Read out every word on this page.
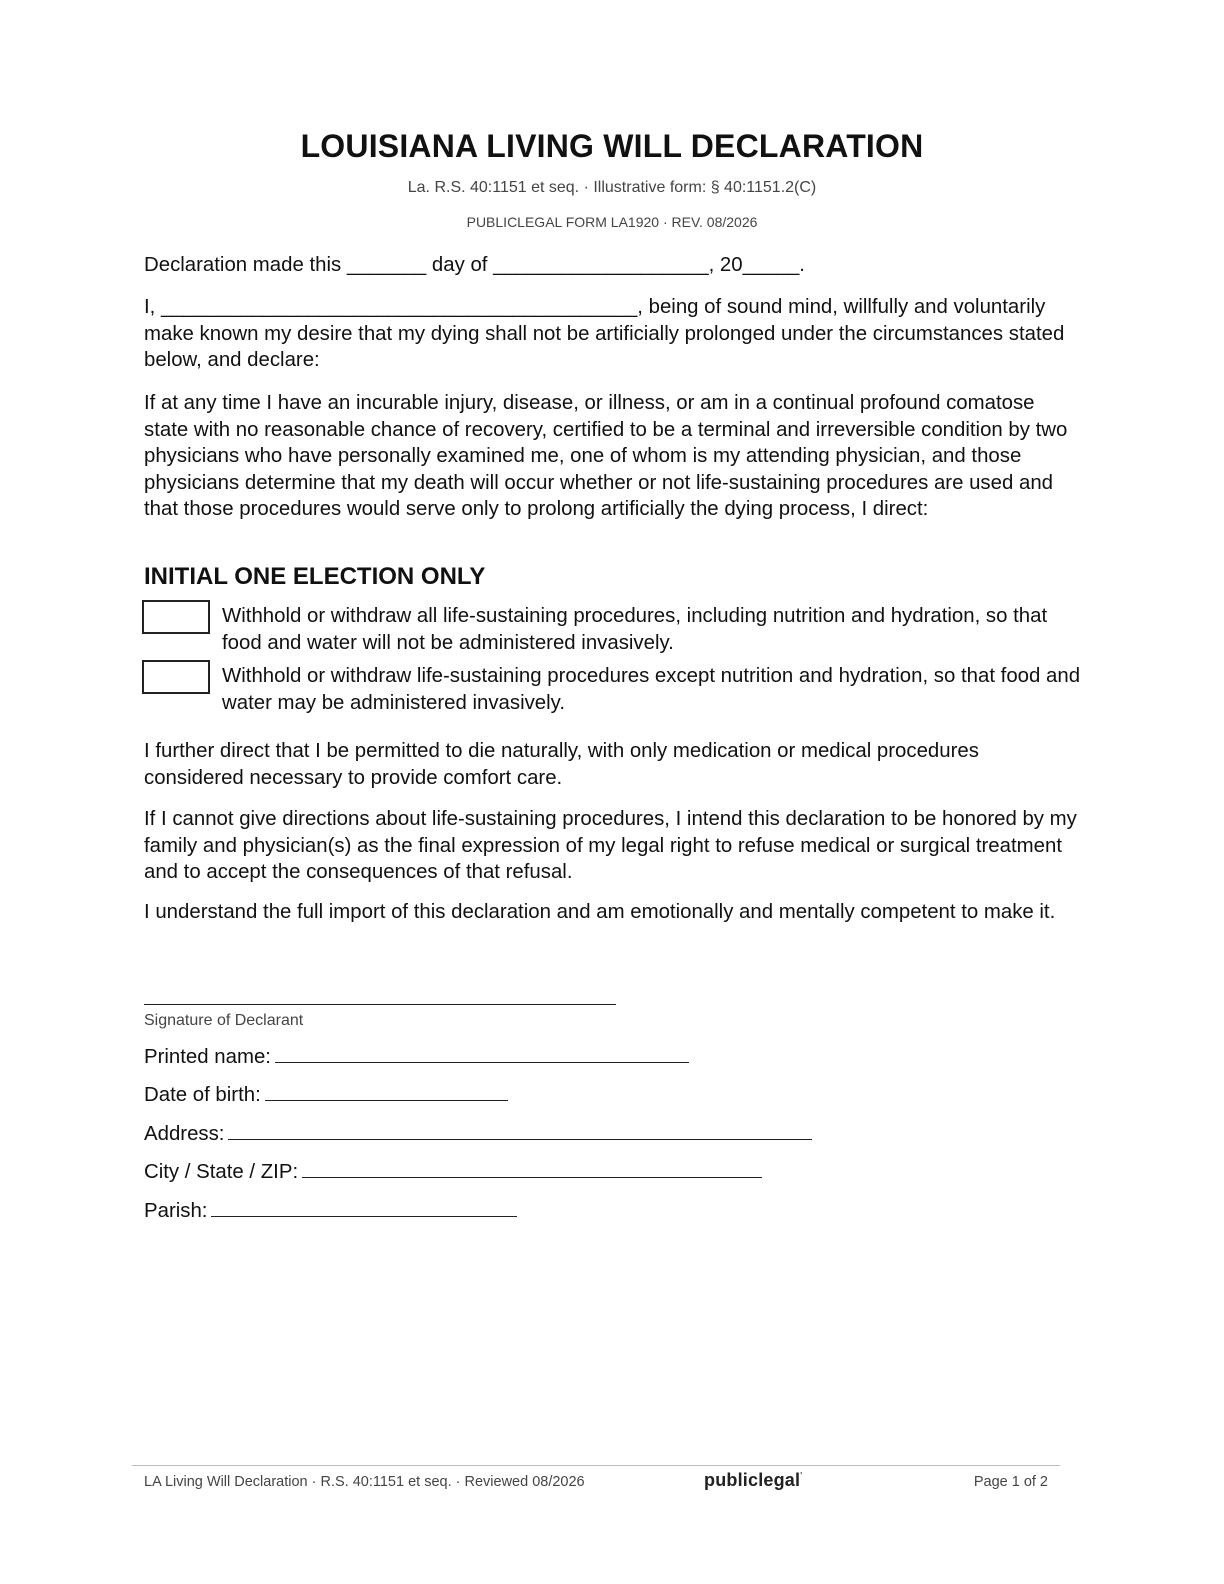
LOUISIANA LIVING WILL DECLARATION
La. R.S. 40:1151 et seq. · Illustrative form: § 40:1151.2(C)
PUBLICLEGAL FORM LA1920 · REV. 08/2026
Declaration made this _______ day of ___________________, 20_____.
I, __________________________________________, being of sound mind, willfully and voluntarily make known my desire that my dying shall not be artificially prolonged under the circumstances stated below, and declare:
If at any time I have an incurable injury, disease, or illness, or am in a continual profound comatose state with no reasonable chance of recovery, certified to be a terminal and irreversible condition by two physicians who have personally examined me, one of whom is my attending physician, and those physicians determine that my death will occur whether or not life-sustaining procedures are used and that those procedures would serve only to prolong artificially the dying process, I direct:
INITIAL ONE ELECTION ONLY
Withhold or withdraw all life-sustaining procedures, including nutrition and hydration, so that food and water will not be administered invasively.
Withhold or withdraw life-sustaining procedures except nutrition and hydration, so that food and water may be administered invasively.
I further direct that I be permitted to die naturally, with only medication or medical procedures considered necessary to provide comfort care.
If I cannot give directions about life-sustaining procedures, I intend this declaration to be honored by my family and physician(s) as the final expression of my legal right to refuse medical or surgical treatment and to accept the consequences of that refusal.
I understand the full import of this declaration and am emotionally and mentally competent to make it.
Signature of Declarant
Printed name:
Date of birth:
Address:
City / State / ZIP:
Parish:
LA Living Will Declaration · R.S. 40:1151 et seq. · Reviewed 08/2026	publiclegal'	Page 1 of 2
